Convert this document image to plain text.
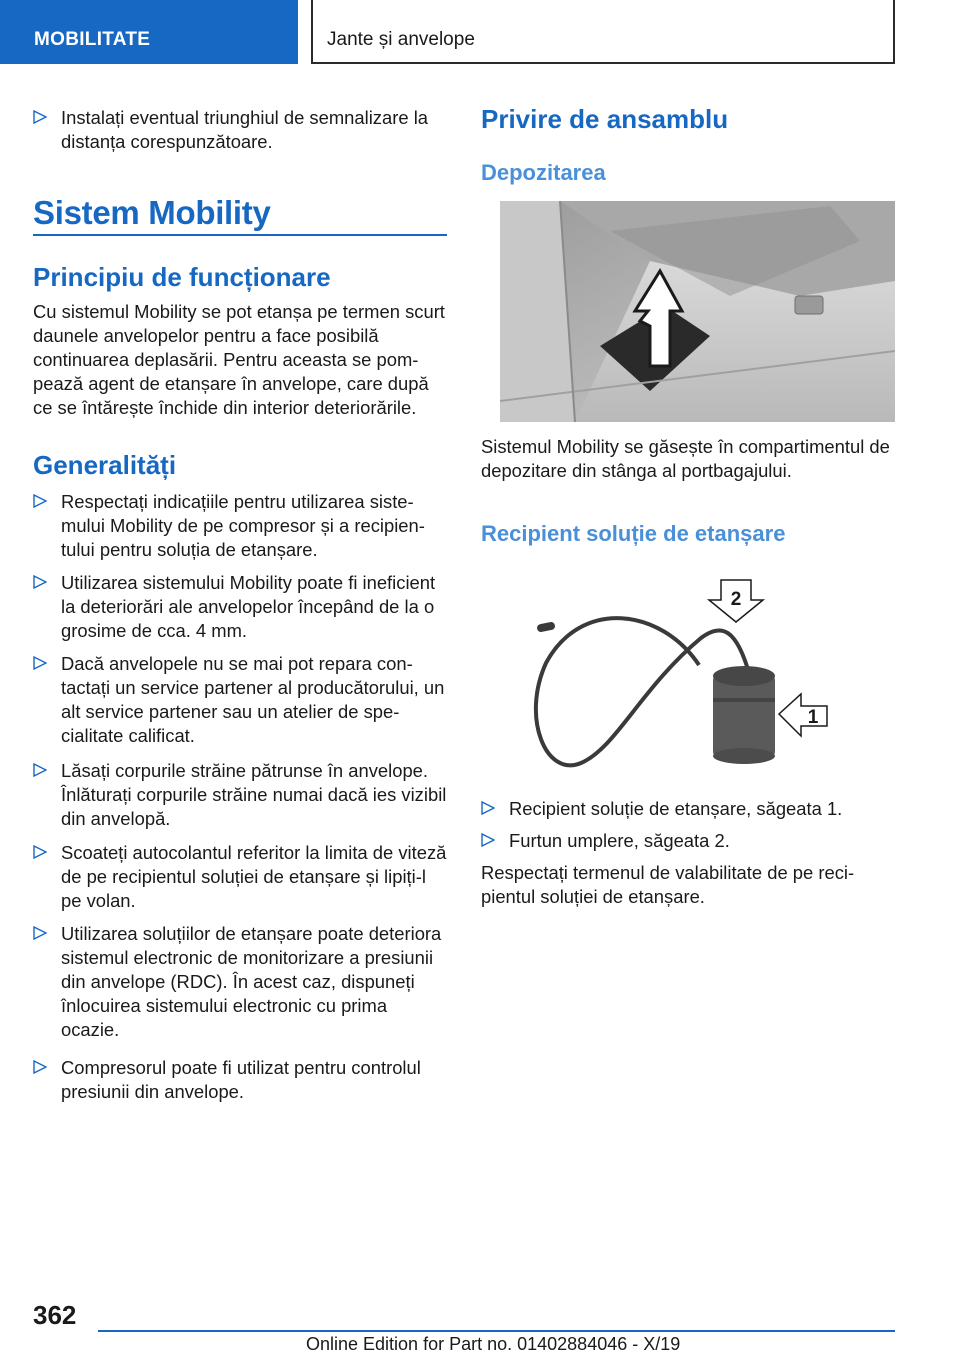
MOBILITATE	Jante și anvelope
Instalați eventual triunghiul de semnalizare la distanța corespunzătoare.
Sistem Mobility
Principiu de funcționare
Cu sistemul Mobility se pot etanșa pe termen scurt daunele anvelopelor pentru a face posibilă continuarea deplasării. Pentru aceasta se pompează agent de etanșare în anvelope, care după ce se întărește închide din interior deteriorările.
Generalități
Respectați indicațiile pentru utilizarea sistemului Mobility de pe compresor și a recipientului pentru soluția de etanșare.
Utilizarea sistemului Mobility poate fi ineficient la deteriorări ale anvelopelor începând de la o grosime de cca. 4 mm.
Dacă anvelopele nu se mai pot repara contactați un service partener al producătorului, un alt service partener sau un atelier de specialitate calificat.
Lăsați corpurile străine pătrunse în anvelope. Înlăturați corpurile străine numai dacă ies vizibil din anvelopă.
Scoateți autocolantul referitor la limita de viteză de pe recipientul soluției de etanșare și lipiți-l pe volan.
Utilizarea soluțiilor de etanșare poate deteriora sistemul electronic de monitorizare a presiunii din anvelope (RDC). În acest caz, dispuneți înlocuirea sistemului electronic cu prima ocazie.
Compresorul poate fi utilizat pentru controlul presiunii din anvelope.
Privire de ansamblu
Depozitarea
Sistemul Mobility se găsește în compartimentul de depozitare din stânga al portbagajului.
Recipient soluție de etanșare
2
1
Recipient soluție de etanșare, săgeata 1.
Furtun umplere, săgeata 2.
Respectați termenul de valabilitate de pe recipientul soluției de etanșare.
362
Online Edition for Part no. 01402884046 - X/19
